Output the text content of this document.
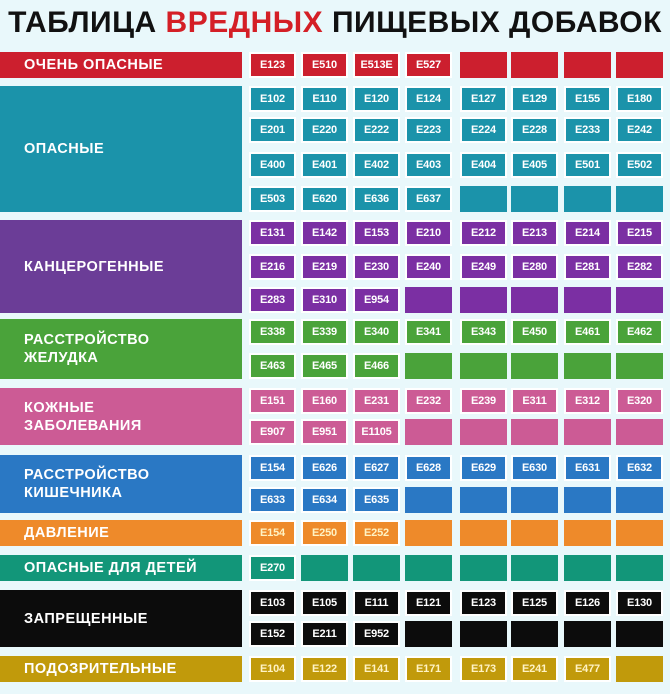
ТАБЛИЦА ВРЕДНЫХ ПИЩЕВЫХ ДОБАВОК
ОЧЕНЬ ОПАСНЫЕ	E123	E510	E513E	E527
ОПАСНЫЕ
E102	E110	E120	E124	E127	E129	E155	E180
E201	E220	E222	E223	E224	E228	E233	E242
E400	E401	E402	E403	E404	E405	E501	E502
E503	E620	E636	E637
КАНЦЕРОГЕННЫЕ
E131	E142	E153	E210	E212	E213	E214	E215
E216	E219	E230	E240	E249	E280	E281	E282
E283	E310	E954
РАССТРОЙСТВО
ЖЕЛУДКА
E338	E339	E340	E341	E343	E450	E461	E462
E463	E465	E466
КОЖНЫЕ
ЗАБОЛЕВАНИЯ
E151	E160	E231	E232	E239	E311	E312	E320
E907	E951	E1105
РАССТРОЙСТВО
КИШЕЧНИКА
E154	E626	E627	E628	E629	E630	E631	E632
E633	E634	E635
ДАВЛЕНИЕ	E154	E250	E252
ОПАСНЫЕ ДЛЯ ДЕТЕЙ	E270
ЗАПРЕЩЕННЫЕ
E103	E105	E111	E121	E123	E125	E126	E130
E152	E211	E952
ПОДОЗРИТЕЛЬНЫЕ	E104	E122	E141	E171	E173	E241	E477
